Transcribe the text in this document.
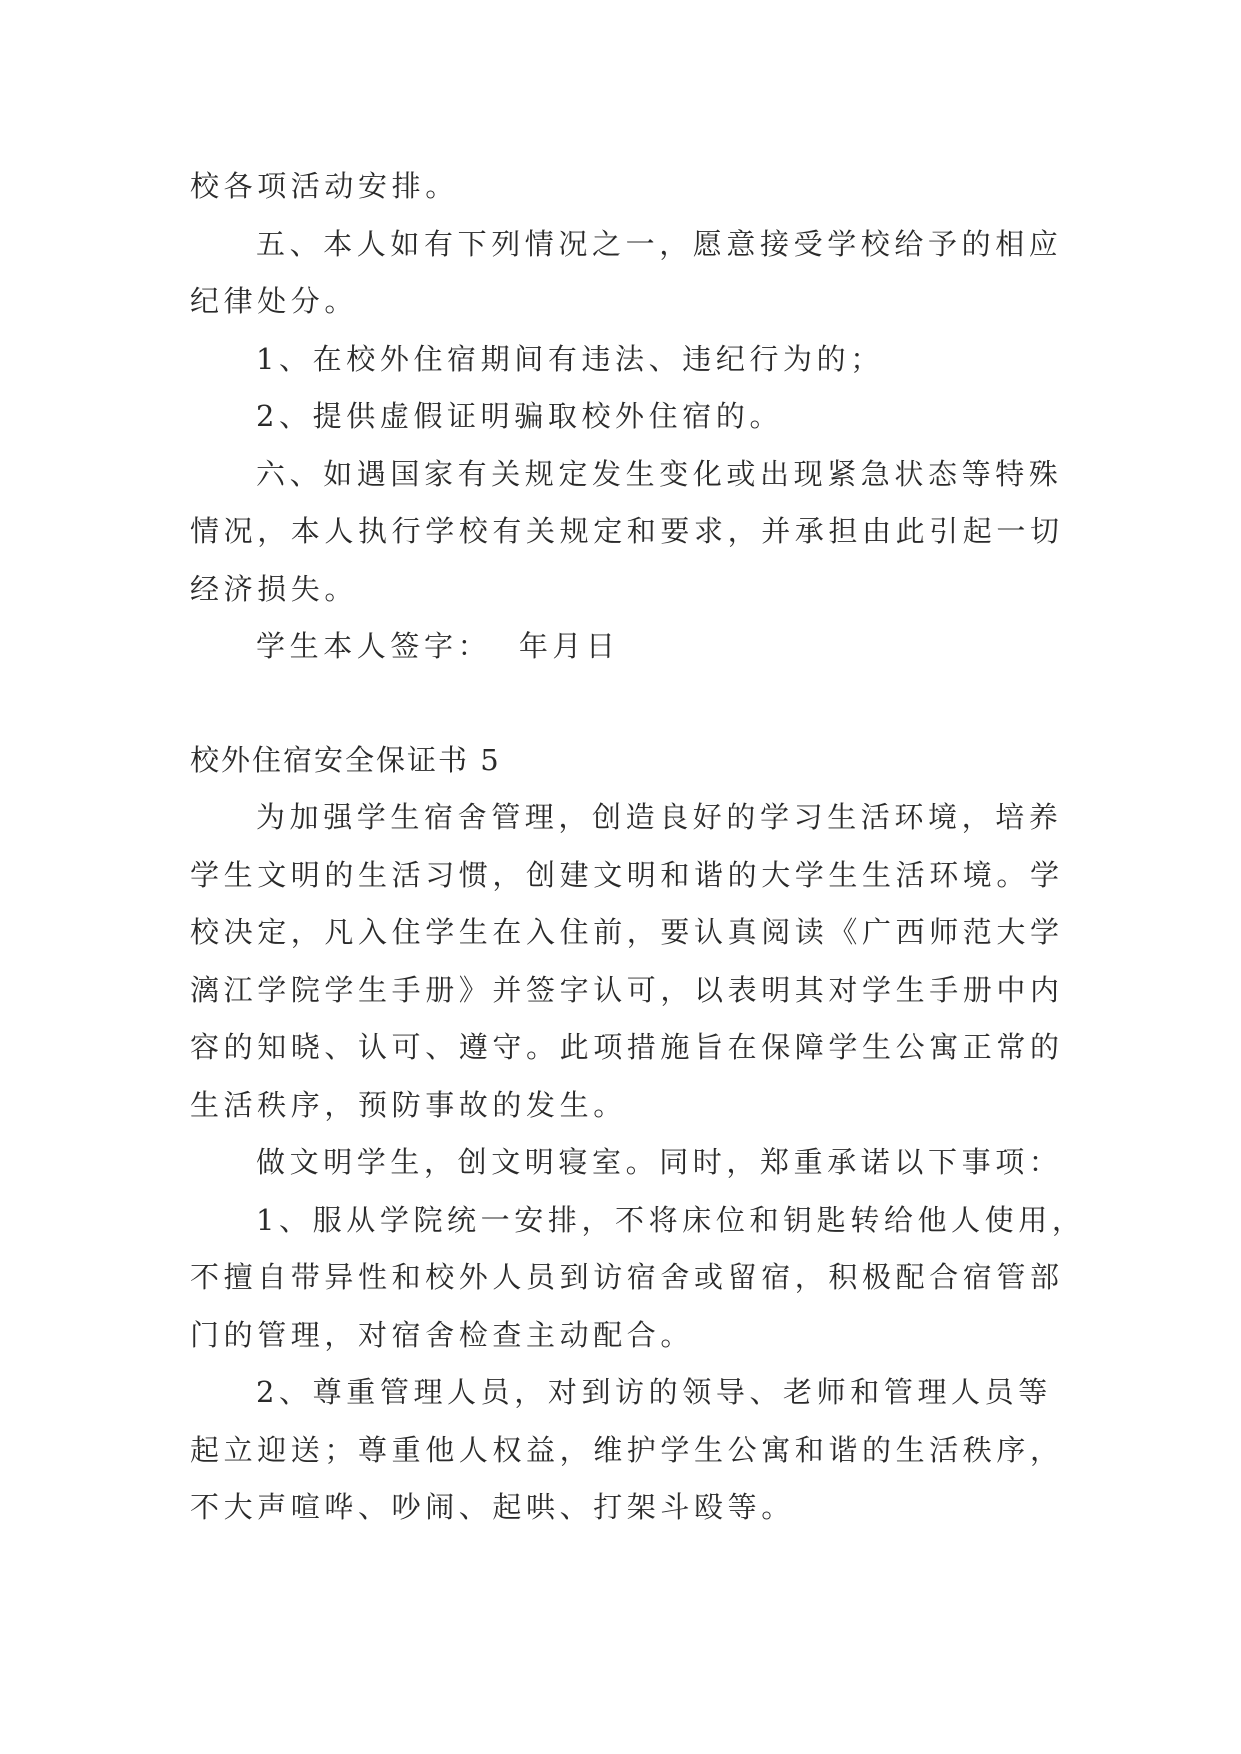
校各项活动安排。
五、本人如有下列情况之一，愿意接受学校给予的相应
纪律处分。
1、在校外住宿期间有违法、违纪行为的；
2、提供虚假证明骗取校外住宿的。
六、如遇国家有关规定发生变化或出现紧急状态等特殊
情况，本人执行学校有关规定和要求，并承担由此引起一切
经济损失。
学生本人签字：  年月日
校外住宿安全保证书 5
为加强学生宿舍管理，创造良好的学习生活环境，培养
学生文明的生活习惯，创建文明和谐的大学生生活环境。学
校决定，凡入住学生在入住前，要认真阅读《广西师范大学
漓江学院学生手册》并签字认可，以表明其对学生手册中内
容的知晓、认可、遵守。此项措施旨在保障学生公寓正常的
生活秩序，预防事故的发生。
做文明学生，创文明寝室。同时，郑重承诺以下事项：
1、服从学院统一安排，不将床位和钥匙转给他人使用，
不擅自带异性和校外人员到访宿舍或留宿，积极配合宿管部
门的管理，对宿舍检查主动配合。
2、尊重管理人员，对到访的领导、老师和管理人员等
起立迎送；尊重他人权益，维护学生公寓和谐的生活秩序，
不大声喧哗、吵闹、起哄、打架斗殴等。
